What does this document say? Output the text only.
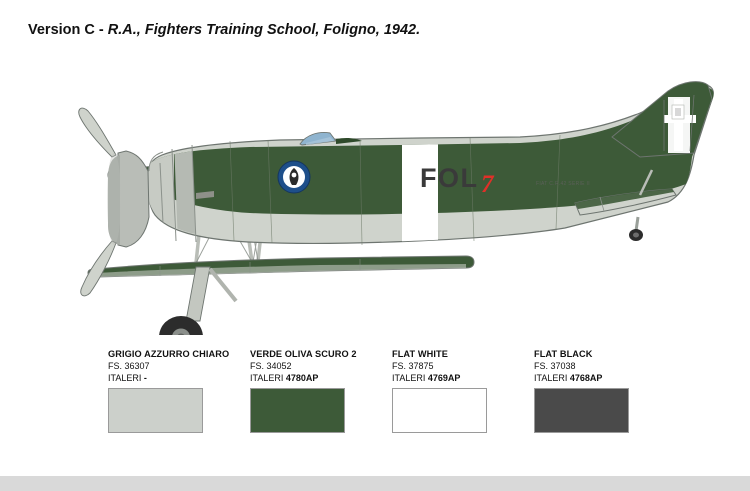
Version C - R.A., Fighters Training School, Foligno, 1942.
FOL 7	FIAT C.R.42 SERIE II
GRIGIO AZZURRO CHIARO
FS. 36307
ITALERI -
VERDE OLIVA SCURO 2
FS. 34052
ITALERI 4780AP
FLAT WHITE
FS. 37875
ITALERI 4769AP
FLAT BLACK
FS. 37038
ITALERI 4768AP
